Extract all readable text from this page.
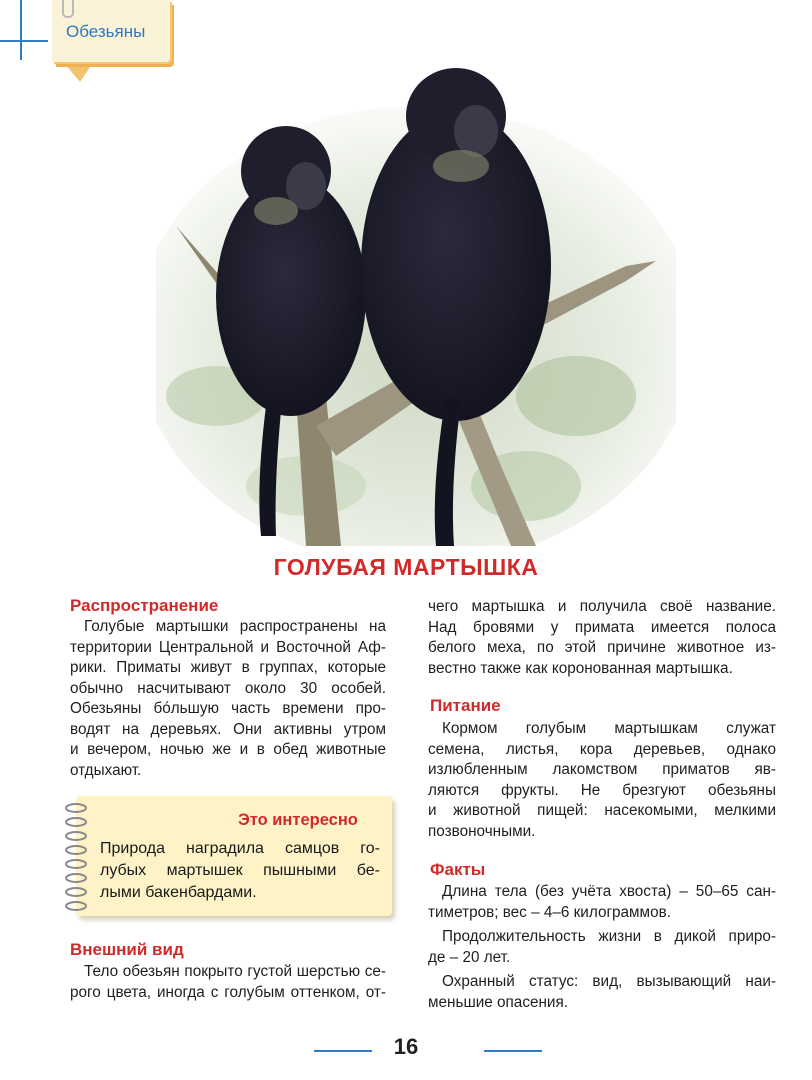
Обезьяны
ГОЛУБАЯ МАРТЫШКА
Распространение
Голубые мартышки распространены на
территории Центральной и Восточной Аф-
рики. Приматы живут в группах, которые
обычно насчитывают около 30 особей.
Обезьяны бо́льшую часть времени про-
водят на деревьях. Они активны утром
и вечером, ночью же и в обед животные
отдыхают.
Это интересно
Природа наградила самцов го-
лубых мартышек пышными бе-
лыми бакенбардами.
Внешний вид
Тело обезьян покрыто густой шерстью се-
рого цвета, иногда с голубым оттенком, от-
чего мартышка и получила своё название.
Над бровями у примата имеется полоса
белого меха, по этой причине животное из-
вестно также как коронованная мартышка.
Питание
Кормом голубым мартышкам служат
семена, листья, кора деревьев, однако
излюбленным лакомством приматов яв-
ляются фрукты. Не брезгуют обезьяны
и животной пищей: насекомыми, мелкими
позвоночными.
Факты
Длина тела (без учёта хвоста) – 50–65 сан-
тиметров; вес – 4–6 килограммов.
Продолжительность жизни в дикой приро-
де – 20 лет.
Охранный статус: вид, вызывающий наи-
меньшие опасения.
16
